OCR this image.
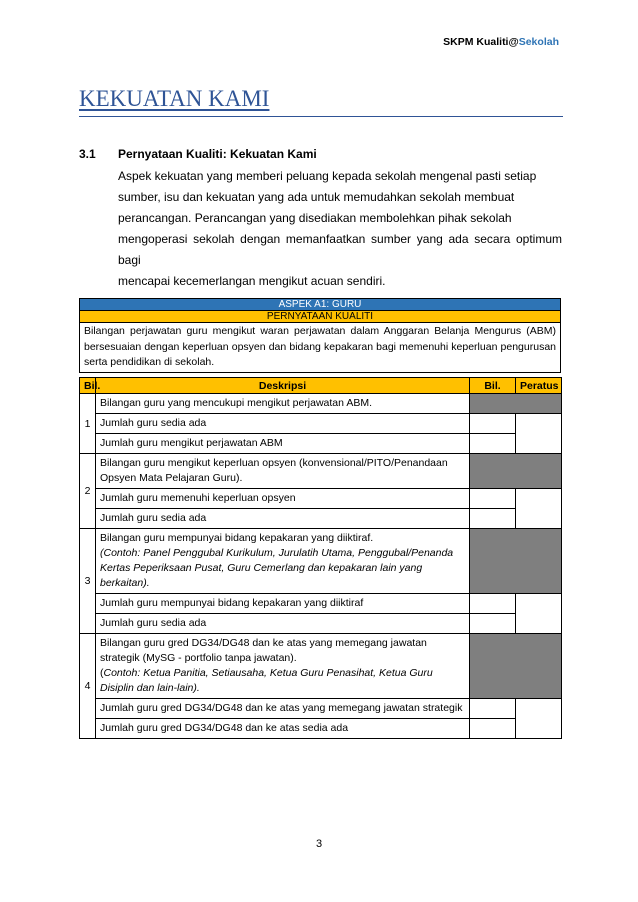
SKPM Kualiti@Sekolah
KEKUATAN KAMI
3.1 Pernyataan Kualiti: Kekuatan Kami
Aspek kekuatan yang memberi peluang kepada sekolah mengenal pasti setiap
sumber, isu dan kekuatan yang ada untuk memudahkan sekolah membuat
perancangan. Perancangan yang disediakan membolehkan pihak sekolah
mengoperasi sekolah dengan memanfaatkan sumber yang ada secara optimum bagi
mencapai kecemerlangan mengikut acuan sendiri.
ASPEK A1: GURU
PERNYATAAN KUALITI
Bilangan perjawatan guru mengikut waran perjawatan dalam Anggaran Belanja Mengurus (ABM) bersesuaian dengan keperluan opsyen dan bidang kepakaran bagi memenuhi keperluan pengurusan serta pendidikan di sekolah.
Bil.	Deskripsi	Bil.	Peratus
1	Bilangan guru yang mencukupi mengikut perjawatan ABM.		
	Jumlah guru sedia ada		
	Jumlah guru mengikut perjawatan ABM		
2	Bilangan guru mengikut keperluan opsyen (konvensional/PITO/Penandaan Opsyen Mata Pelajaran Guru).		
	Jumlah guru memenuhi keperluan opsyen		
	Jumlah guru sedia ada		
3	Bilangan guru mempunyai bidang kepakaran yang diiktiraf.
(Contoh: Panel Penggubal Kurikulum, Jurulatih Utama, Penggubal/Penanda Kertas Peperiksaan Pusat, Guru Cemerlang dan kepakaran lain yang berkaitan).		
	Jumlah guru mempunyai bidang kepakaran yang diiktiraf		
	Jumlah guru sedia ada		
4	Bilangan guru gred DG34/DG48 dan ke atas yang memegang jawatan strategik (MySG - portfolio tanpa jawatan).
(Contoh: Ketua Panitia, Setiausaha, Ketua Guru Penasihat, Ketua Guru Disiplin dan lain-lain).		
	Jumlah guru gred DG34/DG48 dan ke atas yang memegang jawatan strategik		
	Jumlah guru gred DG34/DG48 dan ke atas sedia ada		
3
